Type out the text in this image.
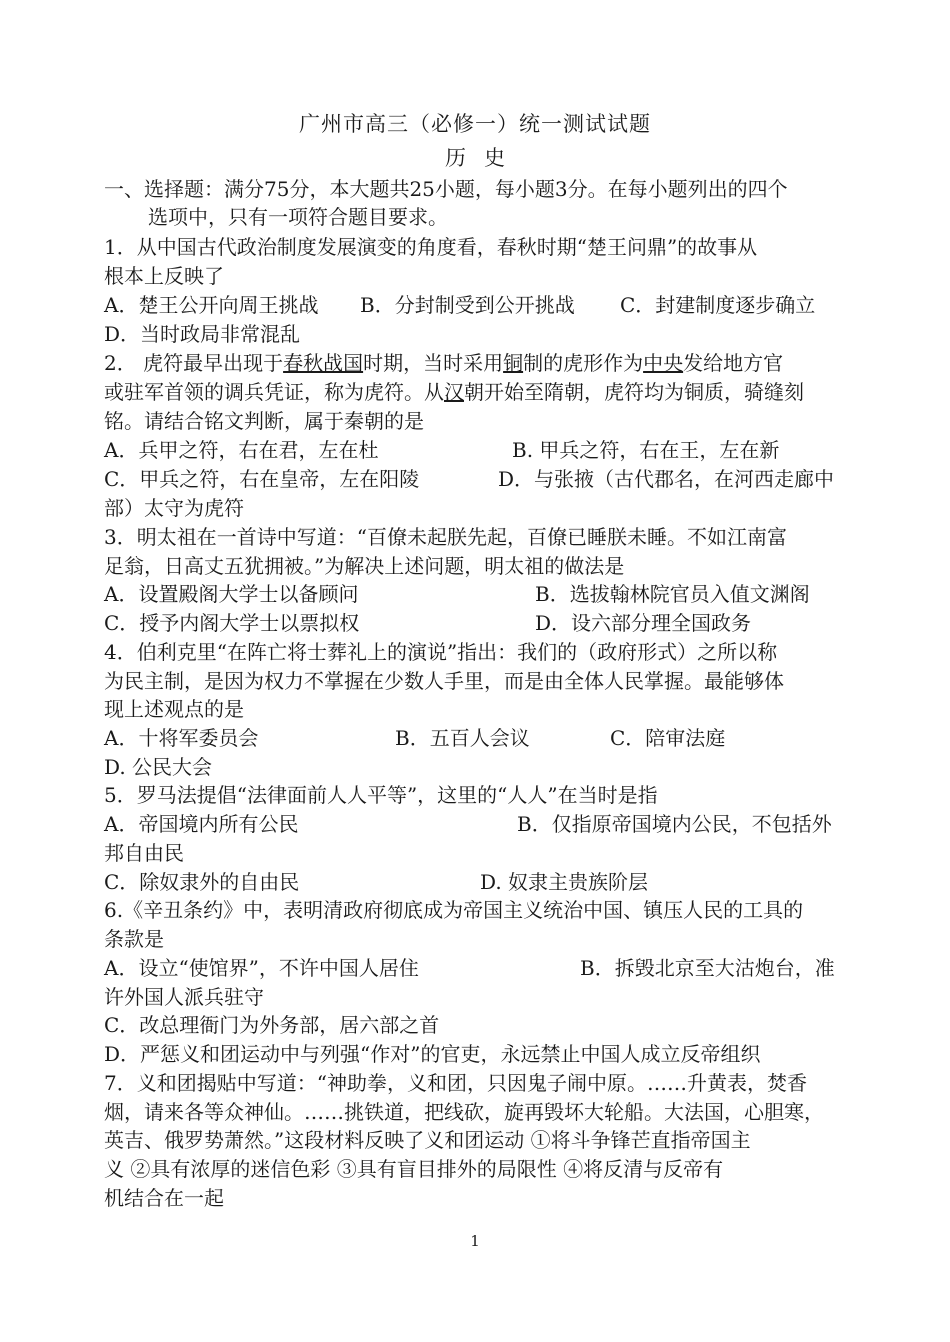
广州市高三（必修一）统一测试试题
历 史
一、选择题：满分75分，本大题共25小题，每小题3分。在每小题列出的四个
选项中，只有一项符合题目要求。
1．从中国古代政治制度发展演变的角度看，春秋时期“楚王问鼎”的故事从
根本上反映了
A．楚王公开向周王挑战 B．分封制受到公开挑战 C．封建制度逐步确立
D．当时政局非常混乱
2． 虎符最早出现于春秋战国时期，当时采用铜制的虎形作为中央发给地方官
或驻军首领的调兵凭证，称为虎符。从汉朝开始至隋朝，虎符均为铜质，骑缝刻
铭。请结合铭文判断，属于秦朝的是
A．兵甲之符，右在君，左在杜	B. 甲兵之符，右在王，左在新
C．甲兵之符，右在皇帝，左在阳陵	D．与张掖（古代郡名，在河西走廊中
部）太守为虎符
3．明太祖在一首诗中写道：“百僚未起朕先起，百僚已睡朕未睡。不如江南富
足翁，日高丈五犹拥被。”为解决上述问题，明太祖的做法是
A．设置殿阁大学士以备顾问	B．选拔翰林院官员入值文渊阁
C．授予内阁大学士以票拟权	D．设六部分理全国政务
4．伯利克里“在阵亡将士葬礼上的演说”指出：我们的（政府形式）之所以称
为民主制，是因为权力不掌握在少数人手里，而是由全体人民掌握。最能够体
现上述观点的是
A．十将军委员会	B．五百人会议	C．陪审法庭
D. 公民大会
5．罗马法提倡“法律面前人人平等”，这里的“人人”在当时是指
A．帝国境内所有公民	B．仅指原帝国境内公民，不包括外
邦自由民
C．除奴隶外的自由民	D. 奴隶主贵族阶层
6.《辛丑条约》中，表明清政府彻底成为帝国主义统治中国、镇压人民的工具的
条款是
A．设立“使馆界”，不许中国人居住	B．拆毁北京至大沽炮台，准
许外国人派兵驻守
C．改总理衙门为外务部，居六部之首
D．严惩义和团运动中与列强“作对”的官吏，永远禁止中国人成立反帝组织
7．义和团揭贴中写道：“神助拳，义和团，只因鬼子闹中原。……升黄表，焚香
烟，请来各等众神仙。……挑铁道，把线砍，旋再毁坏大轮船。大法国，心胆寒，
英吉、俄罗势萧然。”这段材料反映了义和团运动 ①将斗争锋芒直指帝国主
义 ②具有浓厚的迷信色彩 ③具有盲目排外的局限性 ④将反清与反帝有
机结合在一起
1
